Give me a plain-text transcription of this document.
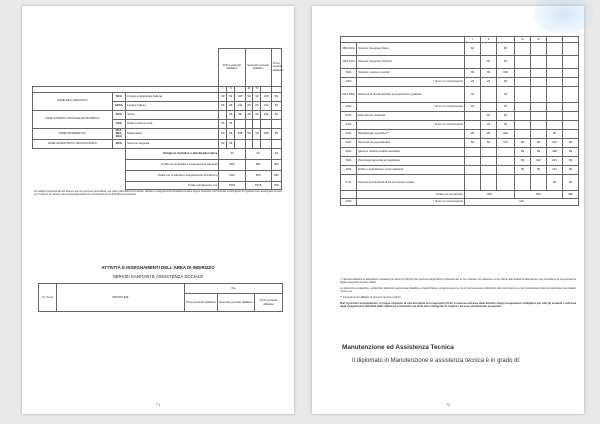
			Primo periodo didattico			Secondo periodo didattico			Terzo periodo didattico
			I	II		III	IV		
ASSE DEI LINGUAGGI	50/A	Lingua e letteratura italiana	99	99	198	99	99	198	99
	346/A	Lingua inglese	66	66	132	66	66	132	66
ASSE STORICO-SOCIALE-ECONOMICO	50/A	Storia		99	99	66	66	132	66
	19/A	Diritto ed Economia	66	66					
ASSE MATEMATICO	47/A-48/A-49/A	Matematica	99	99	198	99	99	198	99
ASSE SCIENTIFICO-TECNOLOGICO	60/A	Scienze integrate	99	99					
		Religione Cattolica o attività alternative	33			33			33
		Totale ore di attività e insegnamenti generali	825			693			363
		Totale ore di attività e insegnamenti di indirizzo	693			825			396
		Totale complessivo ore	1518			1518			759
Gli istituti professionali del settore servizi possono prevedere, nel piano dell'offerta formativa, attività e insegnamenti facoltativi di altre lingue straniere nei limiti del contingente di organico loro assegnato ovvero con l'utilizzo di risorse comunque disponibili per il potenziamento dell'offerta formativa.
ATTIVITÀ E INSEGNAMENTI DELL'AREA DI INDIRIZZO
SERVIZI SANITARI E ASSISTENZA SOCIALE
Cl. Conc	DISCIPLINE	Ore		
		Primo periodo didattico	Secondo periodo didattico	Terzo periodo didattico
71
		I	II		III	IV		
38/A 49/A	Scienze integrate Fisica	66		66				
12/A 13/A	Scienze integrate Chimica		66	66				
36/A	Scienze umane e sociali	99	99	198				
4/SC	* di cui in compresenza	33	33	66				
24/A 28/A	Elementi di storia dell'arte ed espressioni grafiche	33		33				
4/SC	* di cui in compresenza	33		33				
31/A	Educazione musicale		66	66				
4/SC	* di cui in compresenza		33	33				
4/SC	Metodologie operative **	99	99	198			66	
46/A	Seconda lingua straniera	66	66	132	66	66	132	66
40/A	Igiene e cultura medico-sanitaria				99	99	198	99
36/A	Psicologia generale ed applicata				99	132	231	99
19/A	Diritto e legislazione socio-sanitaria				66	66	132	99
17/A	Tecnica amministrativa ed economia sociale						66	66
	Totale ore di indirizzo	693			825			396
4/SC	* di cui in compresenza	132						
* L'attività didattica di laboratorio caratterizza l'area di indirizzo dei percorsi degli istituti professionali; le ore indicate con asterisco sono riferite alle attività di laboratorio che prevedono la compresenza degli insegnanti tecnico-pratici.
Le istituzioni scolastiche, nell'ambito della loro autonomia didattica e organizzativa, programmano le ore di compresenza nell'ambito del primo biennio e del complessivo triennio sulla base del relativo monte ore.
** insegnamento affidato al docente tecnico-pratico.
N.B. Il previsto insegnamento, in lingua straniera, di una disciplina non linguistica (CLIL) compresa nell'area delle attività e degli insegnamenti obbligatori per tutti gli studenti o nell'area degli insegnamenti attivabili dalle istituzioni scolastiche nei limiti del contingente di organico ad esse annualmente assegnato.
Manutenzione ed Assistenza Tecnica
Il diplomato in Manutenzione e assistenza tecnica è in grado di:
72
